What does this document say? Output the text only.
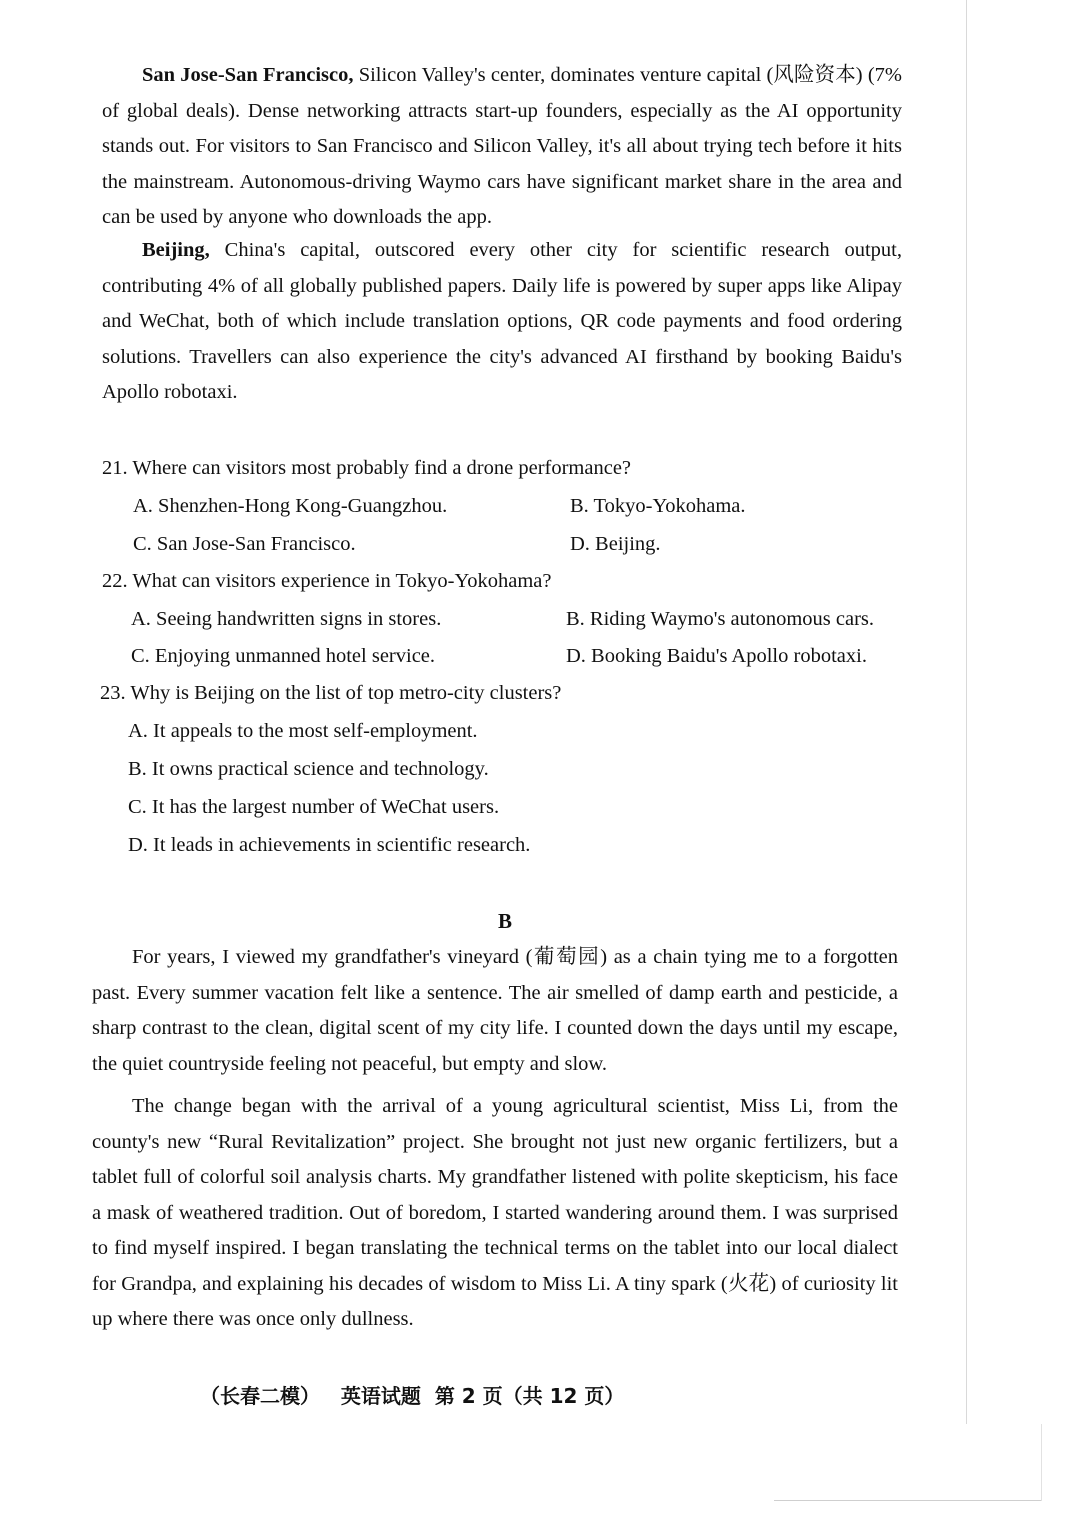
San Jose-San Francisco, Silicon Valley's center, dominates venture capital (风险资本) (7% of global deals). Dense networking attracts start-up founders, especially as the AI opportunity stands out. For visitors to San Francisco and Silicon Valley, it's all about trying tech before it hits the mainstream. Autonomous-driving Waymo cars have significant market share in the area and can be used by anyone who downloads the app.

Beijing, China's capital, outscored every other city for scientific research output, contributing 4% of all globally published papers. Daily life is powered by super apps like Alipay and WeChat, both of which include translation options, QR code payments and food ordering solutions. Travellers can also experience the city's advanced AI firsthand by booking Baidu's Apollo robotaxi.

21. Where can visitors most probably find a drone performance?
A. Shenzhen-Hong Kong-Guangzhou.	B. Tokyo-Yokohama.
C. San Jose-San Francisco.	D. Beijing.
22. What can visitors experience in Tokyo-Yokohama?
A. Seeing handwritten signs in stores.	B. Riding Waymo's autonomous cars.
C. Enjoying unmanned hotel service.	D. Booking Baidu's Apollo robotaxi.
23. Why is Beijing on the list of top metro-city clusters?
A. It appeals to the most self-employment.
B. It owns practical science and technology.
C. It has the largest number of WeChat users.
D. It leads in achievements in scientific research.
B

For years, I viewed my grandfather's vineyard (葡萄园) as a chain tying me to a forgotten past. Every summer vacation felt like a sentence. The air smelled of damp earth and pesticide, a sharp contrast to the clean, digital scent of my city life. I counted down the days until my escape, the quiet countryside feeling not peaceful, but empty and slow.

The change began with the arrival of a young agricultural scientist, Miss Li, from the county's new “Rural Revitalization” project. She brought not just new organic fertilizers, but a tablet full of colorful soil analysis charts. My grandfather listened with polite skepticism, his face a mask of weathered tradition. Out of boredom, I started wandering around them. I was surprised to find myself inspired. I began translating the technical terms on the tablet into our local dialect for Grandpa, and explaining his decades of wisdom to Miss Li. A tiny spark (火花) of curiosity lit up where there was once only dullness.

（长春二模） 英语试题 第 2 页（共 12 页）
